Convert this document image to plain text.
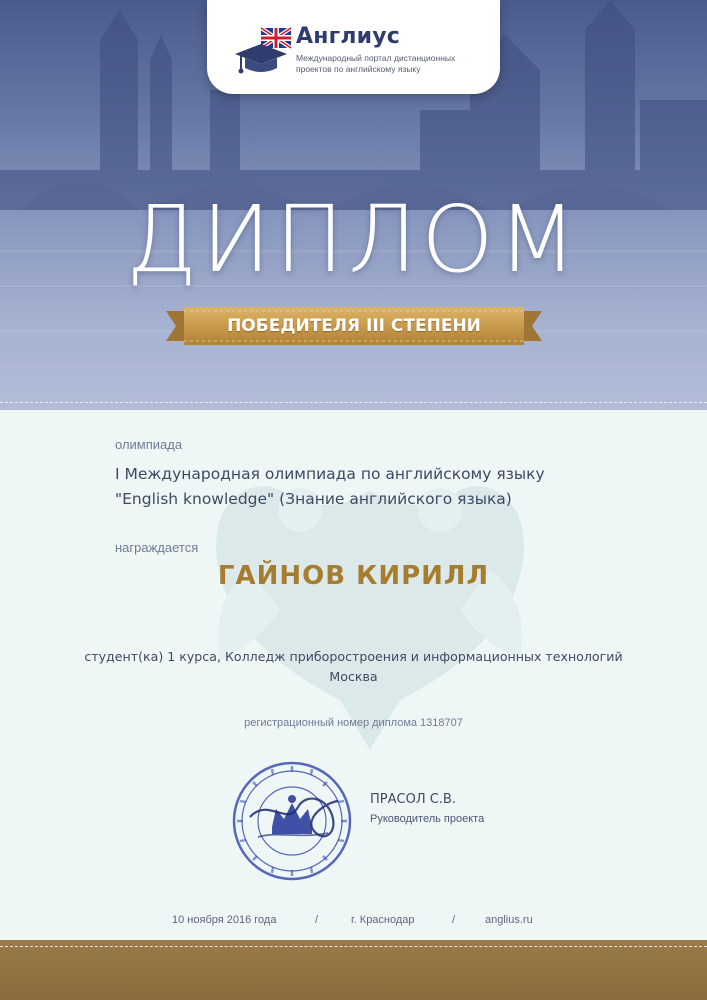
Англиус
Международный портал дистанционных
проектов по английскому языку
ДИПЛОМ
ПОБЕДИТЕЛЯ III СТЕПЕНИ
олимпиада
I Международная олимпиада по английскому языку
"English knowledge" (Знание английского языка)
награждается
ГАЙНОВ КИРИЛЛ
студент(ка) 1 курса, Колледж приборостроения и информационных технологий
Москва
регистрационный номер диплома 1318707
ПРАСОЛ С.В.
Руководитель проекта
10 ноября 2016 года	/	г. Краснодар	/	anglius.ru
